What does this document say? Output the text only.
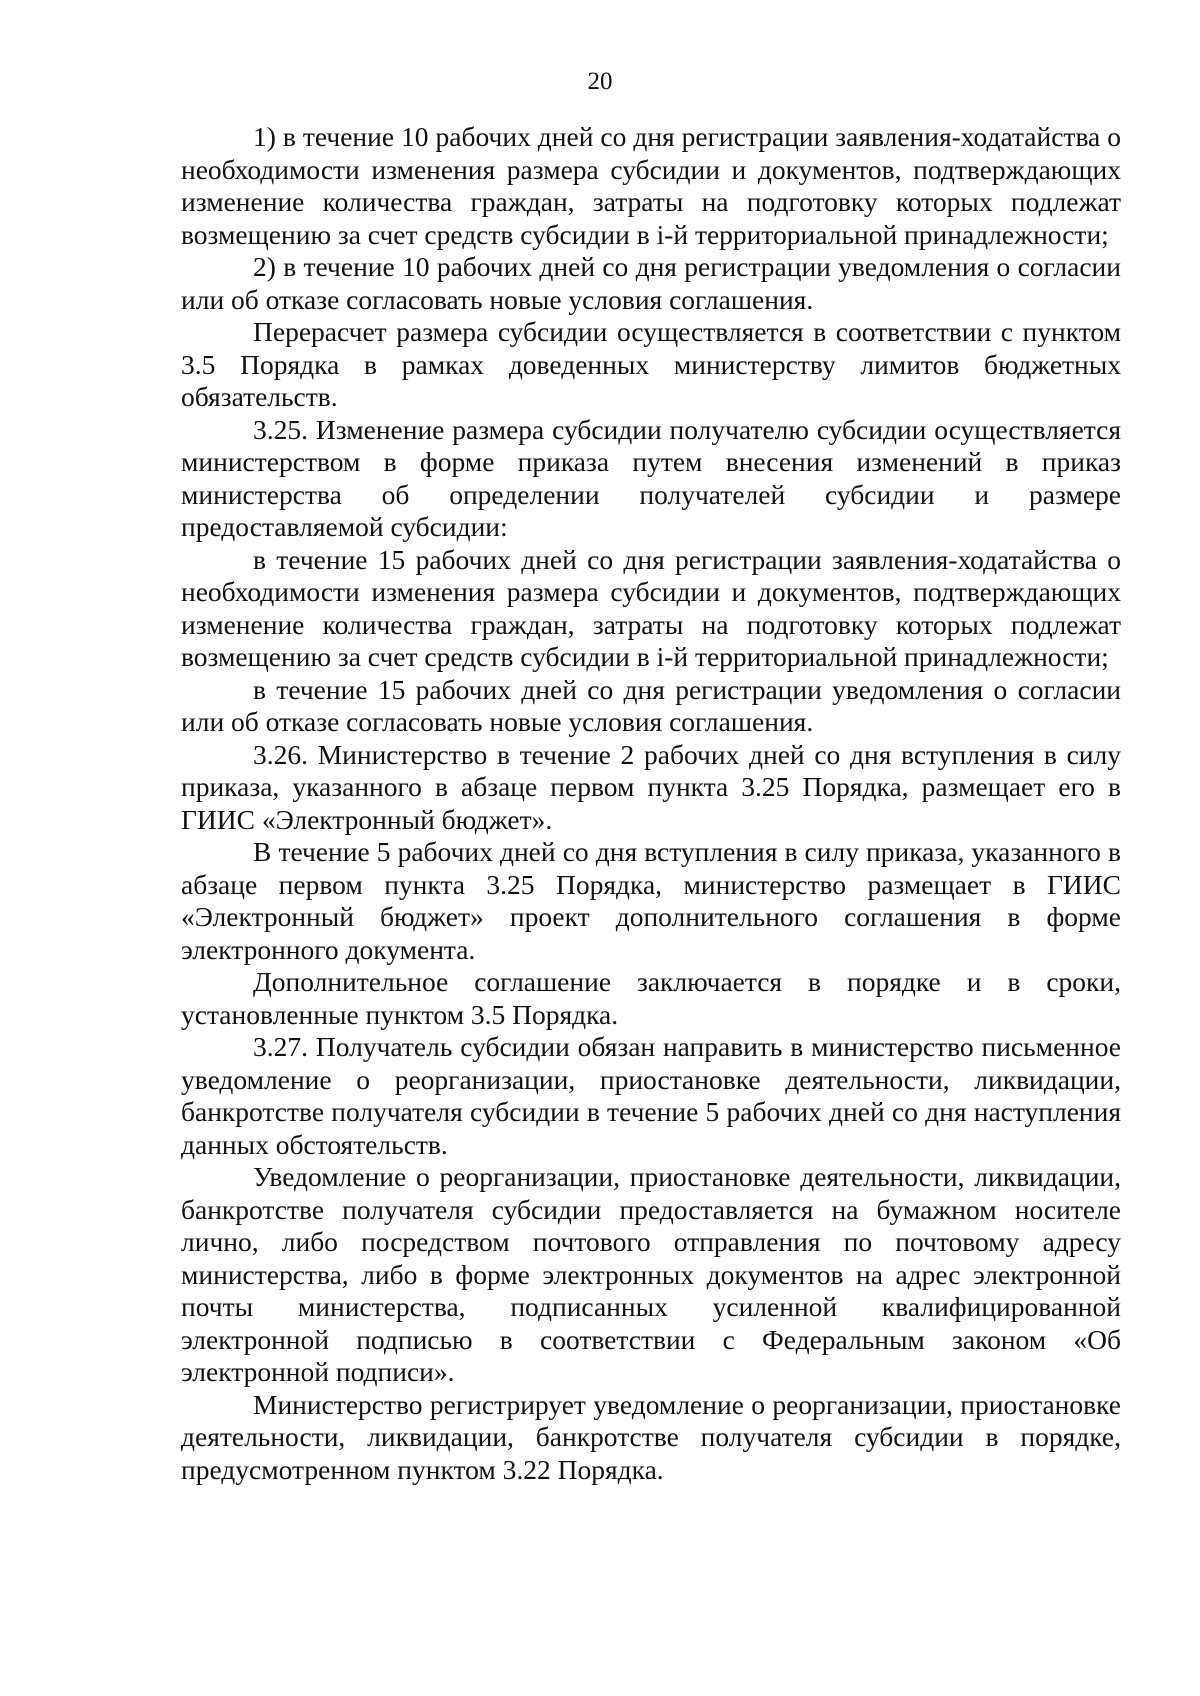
20

1) в течение 10 рабочих дней со дня регистрации заявления-ходатайства о необходимости изменения размера субсидии и документов, подтверждающих изменение количества граждан, затраты на подготовку которых подлежат возмещению за счет средств субсидии в i-й территориальной принадлежности;

2) в течение 10 рабочих дней со дня регистрации уведомления о согласии или об отказе согласовать новые условия соглашения.

Перерасчет размера субсидии осуществляется в соответствии с пунктом 3.5 Порядка в рамках доведенных министерству лимитов бюджетных обязательств.

3.25. Изменение размера субсидии получателю субсидии осуществляется министерством в форме приказа путем внесения изменений в приказ министерства об определении получателей субсидии и размере предоставляемой субсидии:

в течение 15 рабочих дней со дня регистрации заявления-ходатайства о необходимости изменения размера субсидии и документов, подтверждающих изменение количества граждан, затраты на подготовку которых подлежат возмещению за счет средств субсидии в i-й территориальной принадлежности;

в течение 15 рабочих дней со дня регистрации уведомления о согласии или об отказе согласовать новые условия соглашения.

3.26. Министерство в течение 2 рабочих дней со дня вступления в силу приказа, указанного в абзаце первом пункта 3.25 Порядка, размещает его в ГИИС «Электронный бюджет».

В течение 5 рабочих дней со дня вступления в силу приказа, указанного в абзаце первом пункта 3.25 Порядка, министерство размещает в ГИИС «Электронный бюджет» проект дополнительного соглашения в форме электронного документа.

Дополнительное соглашение заключается в порядке и в сроки, установленные пунктом 3.5 Порядка.

3.27. Получатель субсидии обязан направить в министерство письменное уведомление о реорганизации, приостановке деятельности, ликвидации, банкротстве получателя субсидии в течение 5 рабочих дней со дня наступления данных обстоятельств.

Уведомление о реорганизации, приостановке деятельности, ликвидации, банкротстве получателя субсидии предоставляется на бумажном носителе лично, либо посредством почтового отправления по почтовому адресу министерства, либо в форме электронных документов на адрес электронной почты министерства, подписанных усиленной квалифицированной электронной подписью в соответствии с Федеральным законом «Об электронной подписи».

Министерство регистрирует уведомление о реорганизации, приостановке деятельности, ликвидации, банкротстве получателя субсидии в порядке, предусмотренном пунктом 3.22 Порядка.
